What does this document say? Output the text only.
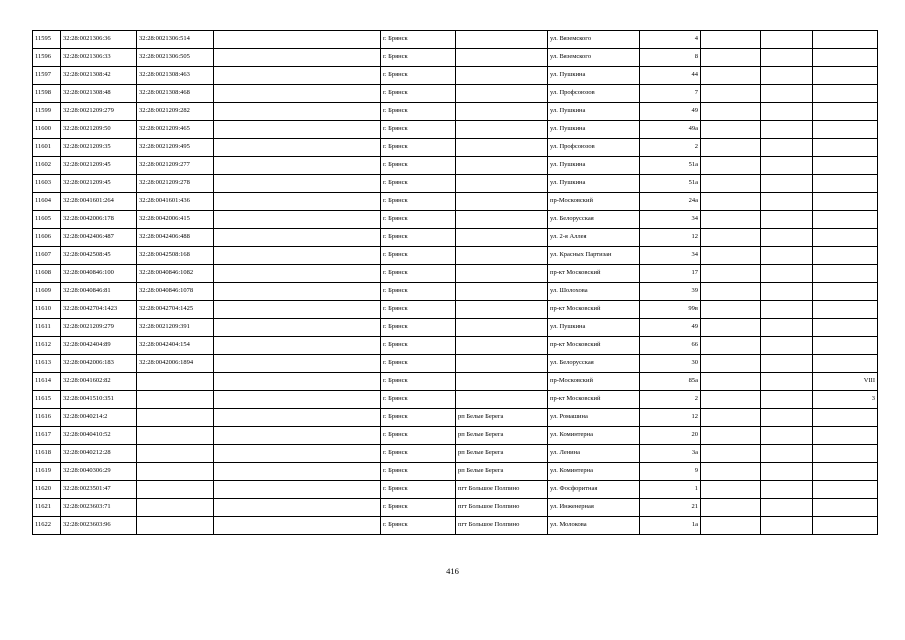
11595	32:28:0021306:36	32:28:0021306:514		г. Брянск		ул. Вяземского	4			
11596	32:28:0021306:33	32:28:0021306:505		г. Брянск		ул. Вяземского	8			
11597	32:28:0021308:42	32:28:0021308:463		г. Брянск		ул. Пушкина	44			
11598	32:28:0021308:48	32:28:0021308:468		г. Брянск		ул. Профсоюзов	7			
11599	32:28:0021209:279	32:28:0021209:282		г. Брянск		ул. Пушкина	49			
11600	32:28:0021209:50	32:28:0021209:465		г. Брянск		ул. Пушкина	49а			
11601	32:28:0021209:35	32:28:0021209:495		г. Брянск		ул. Профсоюзов	2			
11602	32:28:0021209:45	32:28:0021209:277		г. Брянск		ул. Пушкина	51а			
11603	32:28:0021209:45	32:28:0021209:278		г. Брянск		ул. Пушкина	51а			
11604	32:28:0041601:264	32:28:0041601:436		г. Брянск		пр-Московский	24а			
11605	32:28:0042006:178	32:28:0042006:415		г. Брянск		ул. Белорусская	34			
11606	32:28:0042406:487	32:28:0042406:488		г. Брянск		ул. 2-я Аллея	12			
11607	32:28:0042508:45	32:28:0042508:168		г. Брянск		ул. Красных Партизан	34			
11608	32:28:0040846:100	32:28:0040846:1082		г. Брянск		пр-кт Московский	17			
11609	32:28:0040846:81	32:28:0040846:1078		г. Брянск		ул. Шолохова	39			
11610	32:28:0042704:1423	32:28:0042704:1425		г. Брянск		пр-кт Московский	99в			
11611	32:28:0021209:279	32:28:0021209:391		г. Брянск		ул. Пушкина	49			
11612	32:28:0042404:89	32:28:0042404:154		г. Брянск		пр-кт Московский	66			
11613	32:28:0042006:183	32:28:0042006:1894		г. Брянск		ул. Белорусская	30			
11614	32:28:0041602:82			г. Брянск		пр-Московский	85а			VIII
11615	32:28:0041510:351			г. Брянск		пр-кт Московский	2			3
11616	32:28:0040214:2			г. Брянск	рп Белые Берега	ул. Ромашина	12			
11617	32:28:0040410:52			г. Брянск	рп Белые Берега	ул. Коминтерна	20			
11618	32:28:0040212:28			г. Брянск	рп Белые Берега	ул. Ленина	3а			
11619	32:28:0040306:29			г. Брянск	рп Белые Берега	ул. Коминтерна	9			
11620	32:28:0023501:47			г. Брянск	пгт Большое Полпино	ул. Фосфоритная	1			
11621	32:28:0023603:71			г. Брянск	пгт Большое Полпино	ул. Инженерная	21			
11622	32:28:0023603:96			г. Брянск	пгт Большое Полпино	ул. Молокова	1а			
416
